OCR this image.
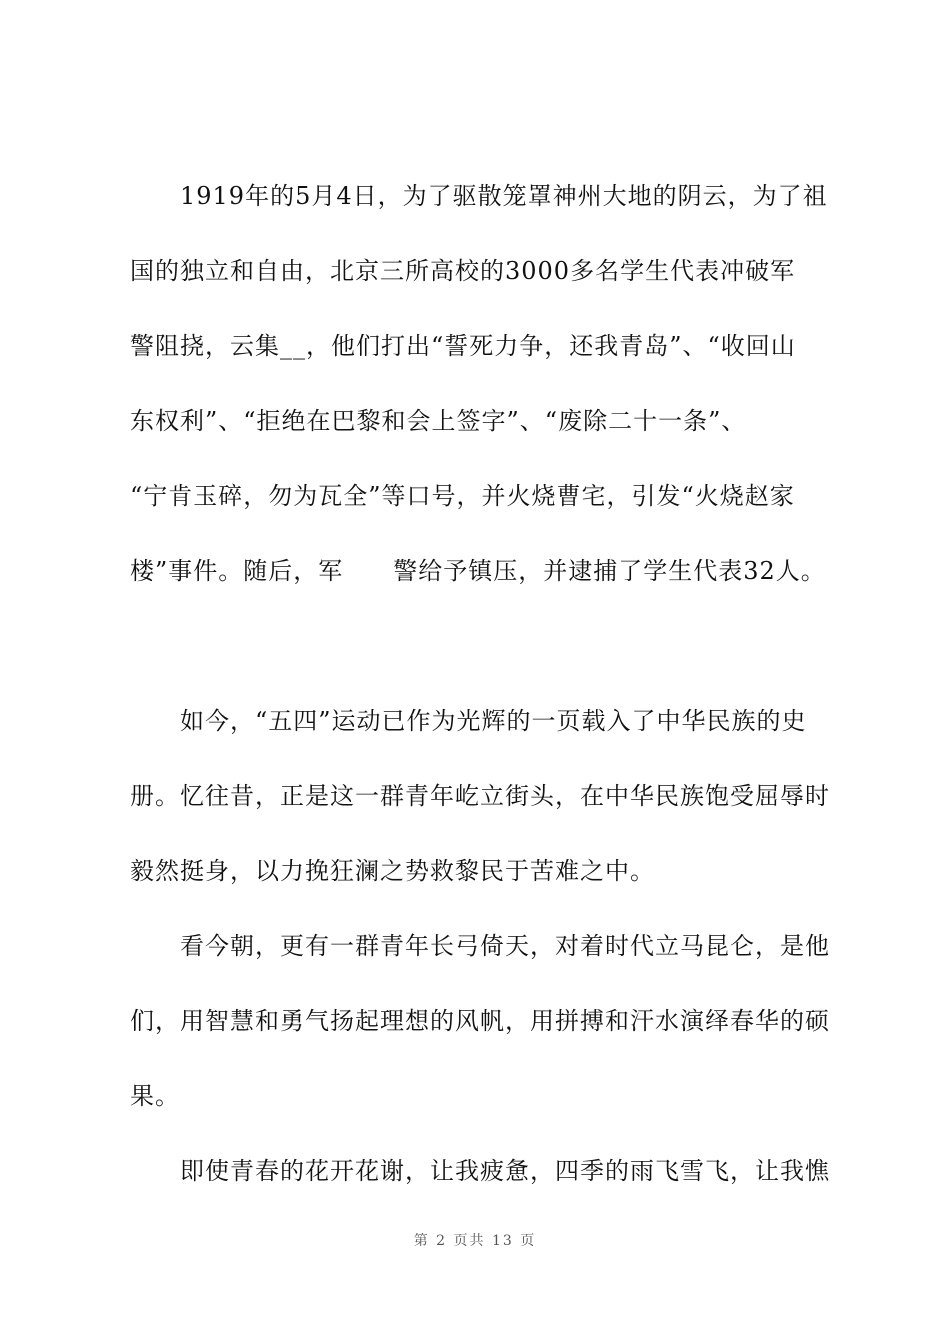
　　1919年的5月4日，为了驱散笼罩神州大地的阴云，为了祖
国的独立和自由，北京三所高校的3000多名学生代表冲破军
警阻挠，云集__，他们打出“誓死力争，还我青岛”、“收回山
东权利”、“拒绝在巴黎和会上签字”、“废除二十一条”、
“宁肯玉碎，勿为瓦全”等口号，并火烧曹宅，引发“火烧赵家
楼”事件。随后，军　　警给予镇压，并逮捕了学生代表32人。
　　如今，“五四”运动已作为光辉的一页载入了中华民族的史
册。忆往昔，正是这一群青年屹立街头，在中华民族饱受屈辱时
毅然挺身，以力挽狂澜之势救黎民于苦难之中。
　　看今朝，更有一群青年长弓倚天，对着时代立马昆仑，是他
们，用智慧和勇气扬起理想的风帆，用拼搏和汗水演绎春华的硕
果。
　　即使青春的花开花谢，让我疲惫，四季的雨飞雪飞，让我憔
第 2 页共 13 页
